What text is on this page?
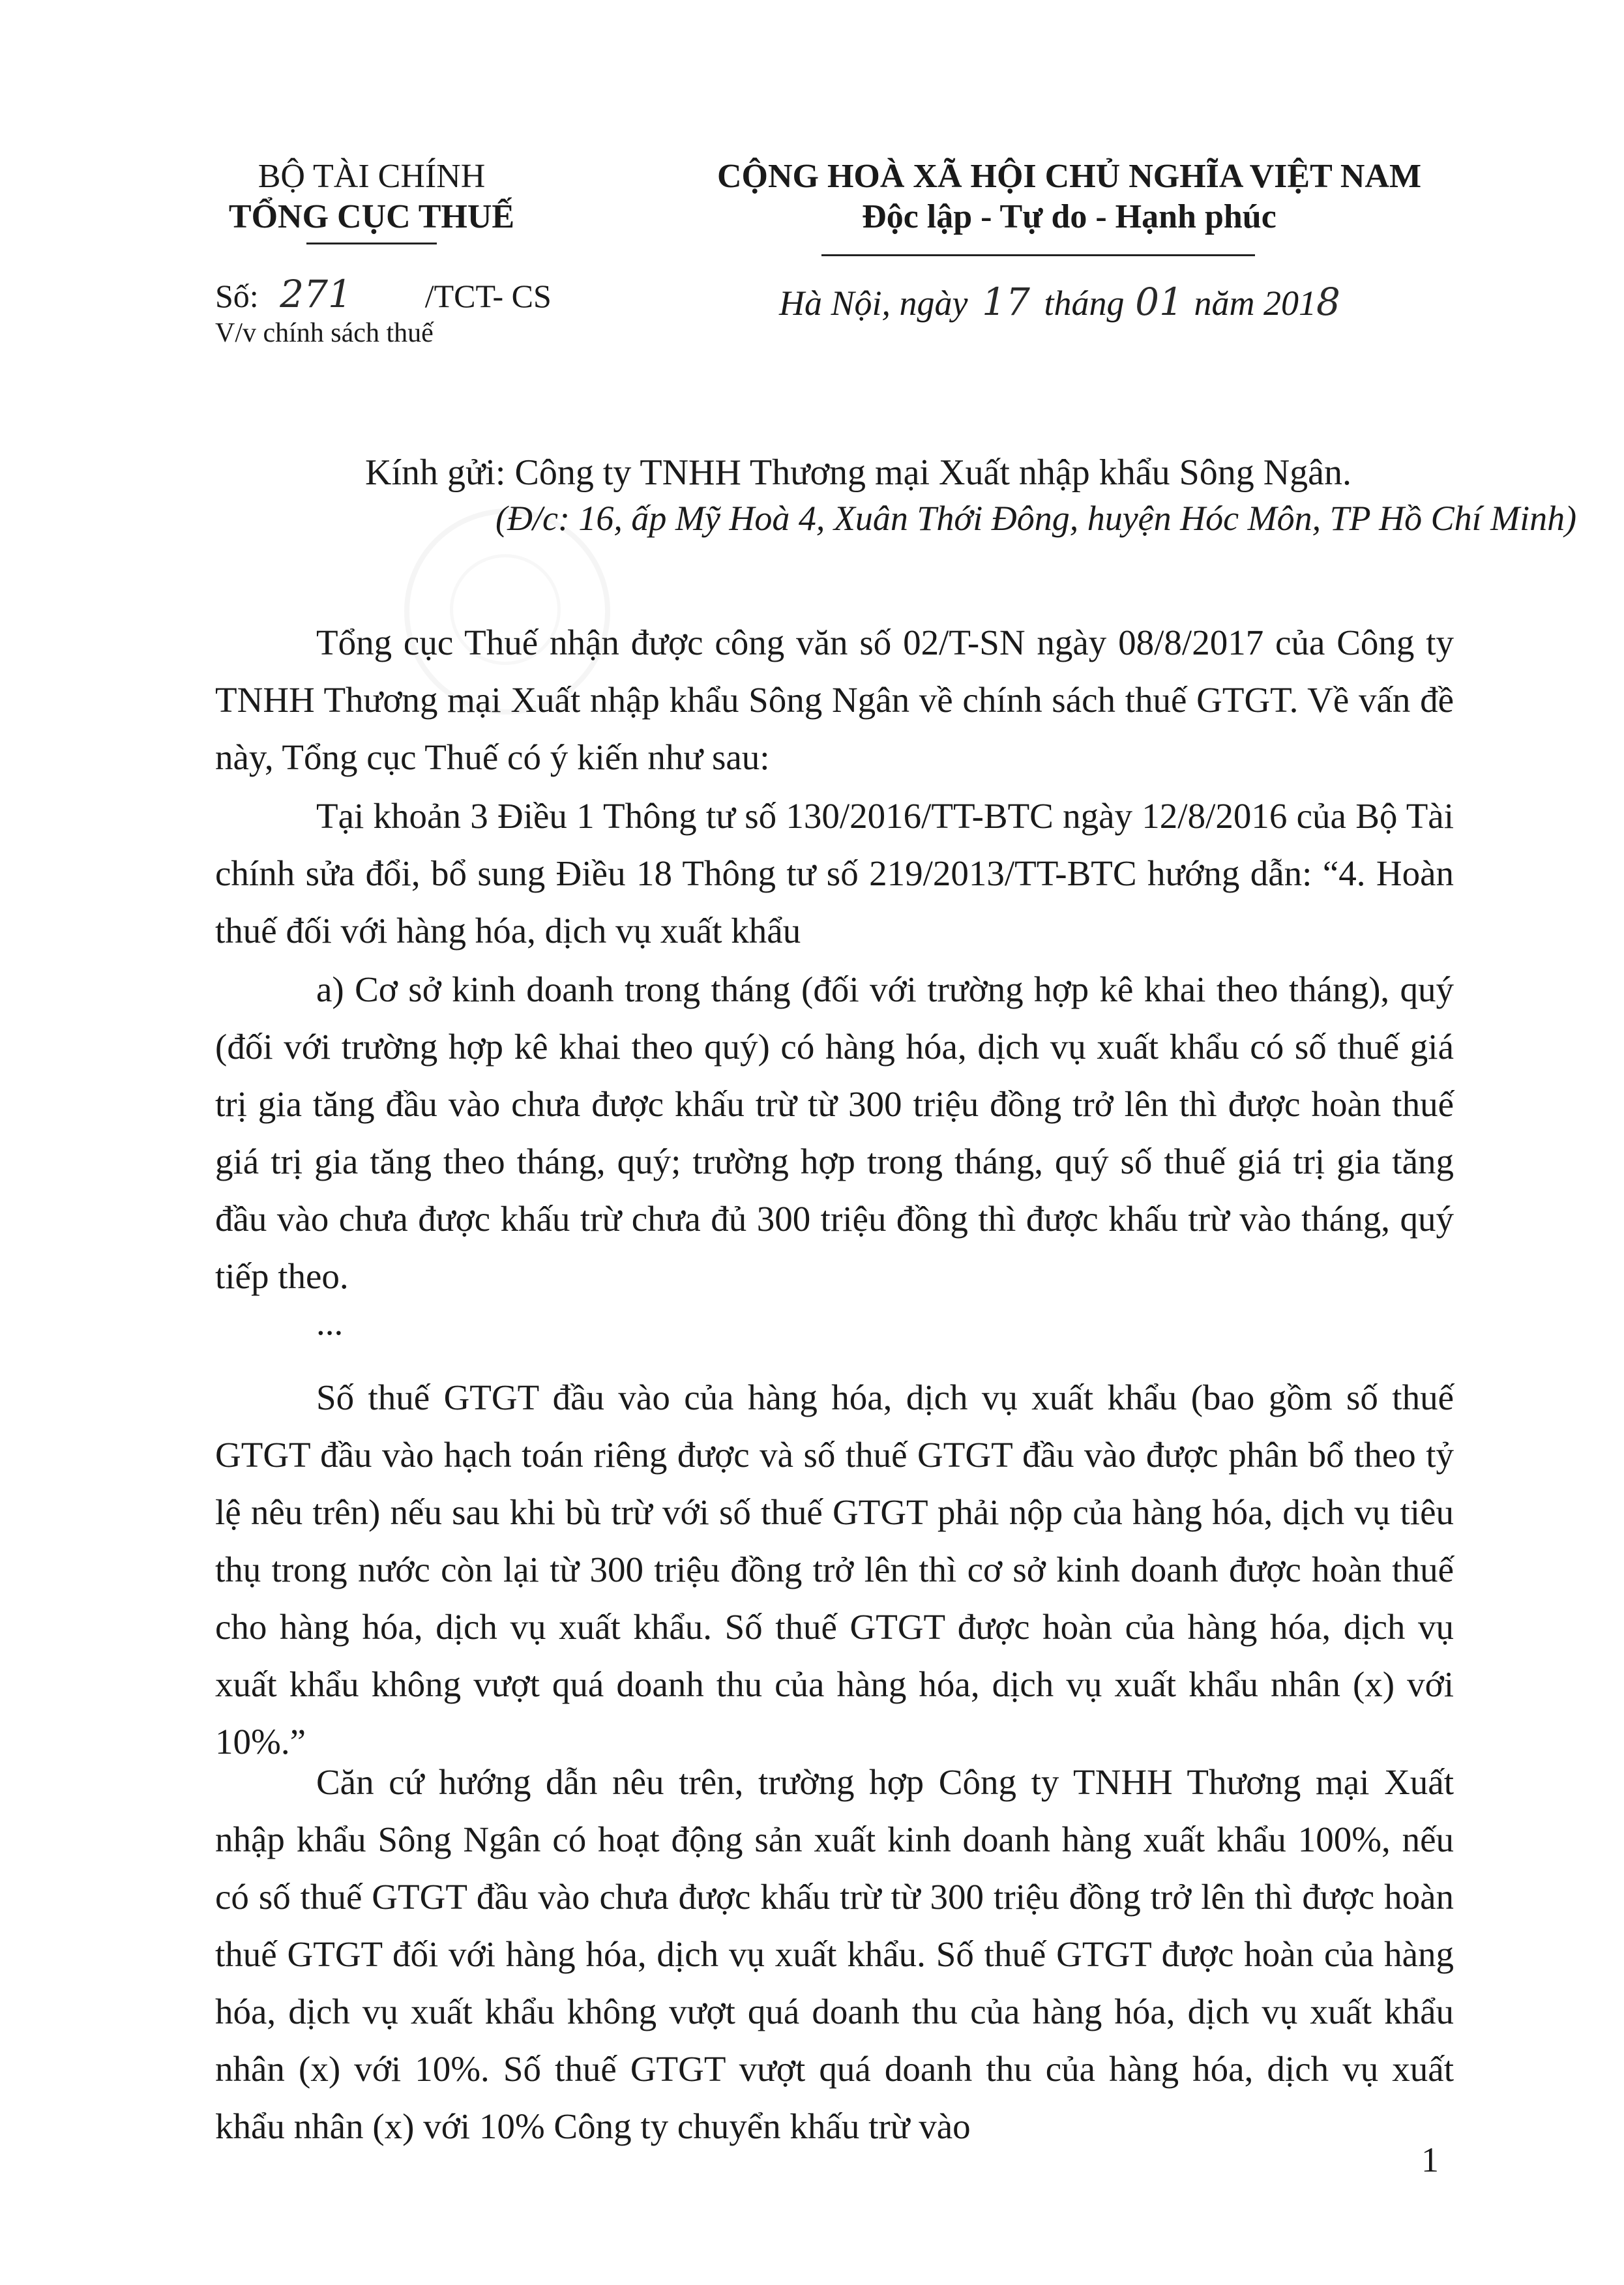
BỘ TÀI CHÍNH
TỔNG CỤC THUẾ
CỘNG HOÀ XÃ HỘI CHỦ NGHĨA VIỆT NAM
Độc lập - Tự do - Hạnh phúc
Số: 271 /TCT- CS
V/v chính sách thuế
Hà Nội, ngày 17 tháng 01 năm 2018
Kính gửi: Công ty TNHH Thương mại Xuất nhập khẩu Sông Ngân.
(Đ/c: 16, ấp Mỹ Hoà 4, Xuân Thới Đông, huyện Hóc Môn, TP Hồ Chí Minh)
Tổng cục Thuế nhận được công văn số 02/T-SN ngày 08/8/2017 của Công ty TNHH Thương mại Xuất nhập khẩu Sông Ngân về chính sách thuế GTGT. Về vấn đề này, Tổng cục Thuế có ý kiến như sau:
Tại khoản 3 Điều 1 Thông tư số 130/2016/TT-BTC ngày 12/8/2016 của Bộ Tài chính sửa đổi, bổ sung Điều 18 Thông tư số 219/2013/TT-BTC hướng dẫn: “4. Hoàn thuế đối với hàng hóa, dịch vụ xuất khẩu
a) Cơ sở kinh doanh trong tháng (đối với trường hợp kê khai theo tháng), quý (đối với trường hợp kê khai theo quý) có hàng hóa, dịch vụ xuất khẩu có số thuế giá trị gia tăng đầu vào chưa được khấu trừ từ 300 triệu đồng trở lên thì được hoàn thuế giá trị gia tăng theo tháng, quý; trường hợp trong tháng, quý số thuế giá trị gia tăng đầu vào chưa được khấu trừ chưa đủ 300 triệu đồng thì được khấu trừ vào tháng, quý tiếp theo.
...
Số thuế GTGT đầu vào của hàng hóa, dịch vụ xuất khẩu (bao gồm số thuế GTGT đầu vào hạch toán riêng được và số thuế GTGT đầu vào được phân bổ theo tỷ lệ nêu trên) nếu sau khi bù trừ với số thuế GTGT phải nộp của hàng hóa, dịch vụ tiêu thụ trong nước còn lại từ 300 triệu đồng trở lên thì cơ sở kinh doanh được hoàn thuế cho hàng hóa, dịch vụ xuất khẩu. Số thuế GTGT được hoàn của hàng hóa, dịch vụ xuất khẩu không vượt quá doanh thu của hàng hóa, dịch vụ xuất khẩu nhân (x) với 10%.”
Căn cứ hướng dẫn nêu trên, trường hợp Công ty TNHH Thương mại Xuất nhập khẩu Sông Ngân có hoạt động sản xuất kinh doanh hàng xuất khẩu 100%, nếu có số thuế GTGT đầu vào chưa được khấu trừ từ 300 triệu đồng trở lên thì được hoàn thuế GTGT đối với hàng hóa, dịch vụ xuất khẩu. Số thuế GTGT được hoàn của hàng hóa, dịch vụ xuất khẩu không vượt quá doanh thu của hàng hóa, dịch vụ xuất khẩu nhân (x) với 10%. Số thuế GTGT vượt quá doanh thu của hàng hóa, dịch vụ xuất khẩu nhân (x) với 10% Công ty chuyển khấu trừ vào
1
